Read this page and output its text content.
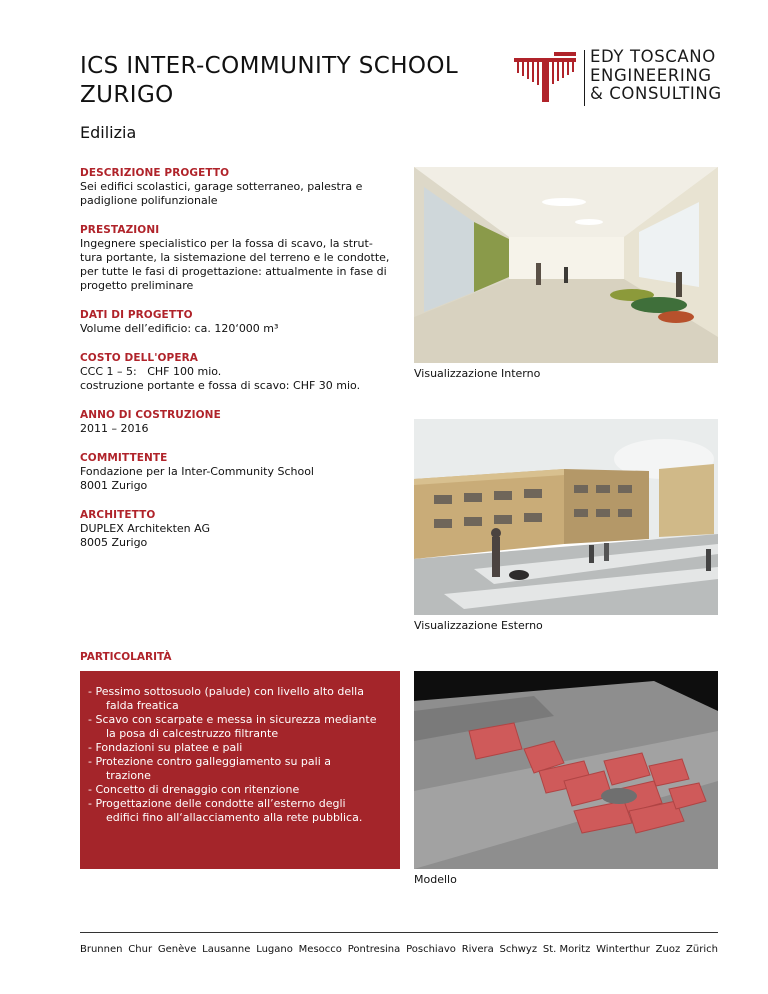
ICS INTER-COMMUNITY SCHOOL
ZURIGO
Edilizia
EDY TOSCANO
ENGINEERING
& CONSULTING
DESCRIZIONE PROGETTO
Sei edifici scolastici, garage sotterraneo, palestra e
padiglione polifunzionale
PRESTAZIONI
Ingegnere specialistico per la fossa di scavo, la strut-
tura portante, la sistemazione del terreno e le condotte,
per tutte le fasi di progettazione: attualmente in fase di
progetto preliminare
DATI DI PROGETTO
Volume dell’edificio: ca. 120‘000 m³
COSTO DELL'OPERA
CCC 1 – 5:   CHF 100 mio.
costruzione portante e fossa di scavo: CHF 30 mio.
ANNO DI COSTRUZIONE
2011 – 2016
COMMITTENTE
Fondazione per la Inter-Community School
8001 Zurigo
ARCHITETTO
DUPLEX Architekten AG
8005 Zurigo
Visualizzazione Interno
Visualizzazione Esterno
Modello
PARTICOLARITÀ
- Pessimo sottosuolo (palude) con livello alto della
falda freatica
- Scavo con scarpate e messa in sicurezza mediante
la posa di calcestruzzo filtrante
- Fondazioni su platee e pali
- Protezione contro galleggiamento su pali a
trazione
- Concetto di drenaggio con ritenzione
- Progettazione delle condotte all’esterno degli
edifici fino all‘allacciamento alla rete pubblica.
Brunnen Chur Genève Lausanne Lugano Mesocco Pontresina Poschiavo Rivera Schwyz St. Moritz Winterthur Zuoz Zürich
